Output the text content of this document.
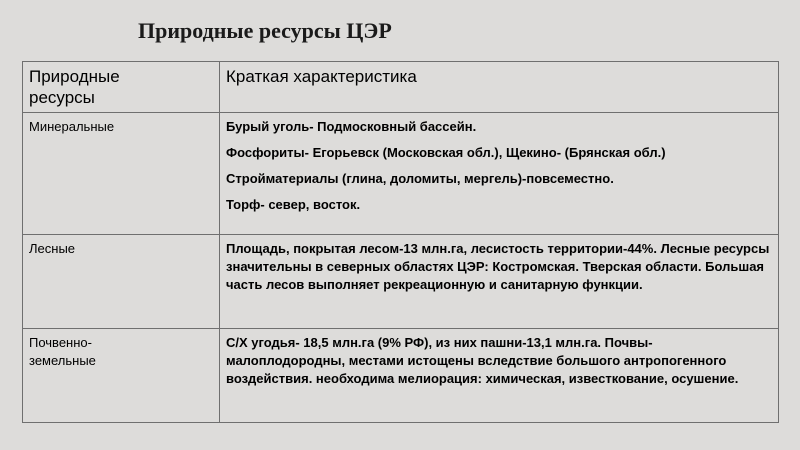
Природные ресурсы ЦЭР
Природные
ресурсы	Краткая характеристика

Минеральные	Бурый уголь- Подмосковный бассейн.

Фосфориты- Егорьевск (Московская обл.), Щекино- (Брянская обл.)

Стройматериалы (глина, доломиты, мергель)-повсеместно.

Торф- север, восток.

Лесные	Площадь, покрытая лесом-13 млн.га, лесистость территории-44%. Лесные ресурсы значительны в северных областях ЦЭР: Костромская. Тверская области. Большая часть лесов выполняет рекреационную и санитарную функции.

Почвенно-
земельные	С/Х угодья- 18,5 млн.га (9% РФ), из них пашни-13,1 млн.га. Почвы- малоплодородны, местами истощены вследствие большого антропогенного воздействия. необходима мелиорация: химическая, известкование, осушение.
